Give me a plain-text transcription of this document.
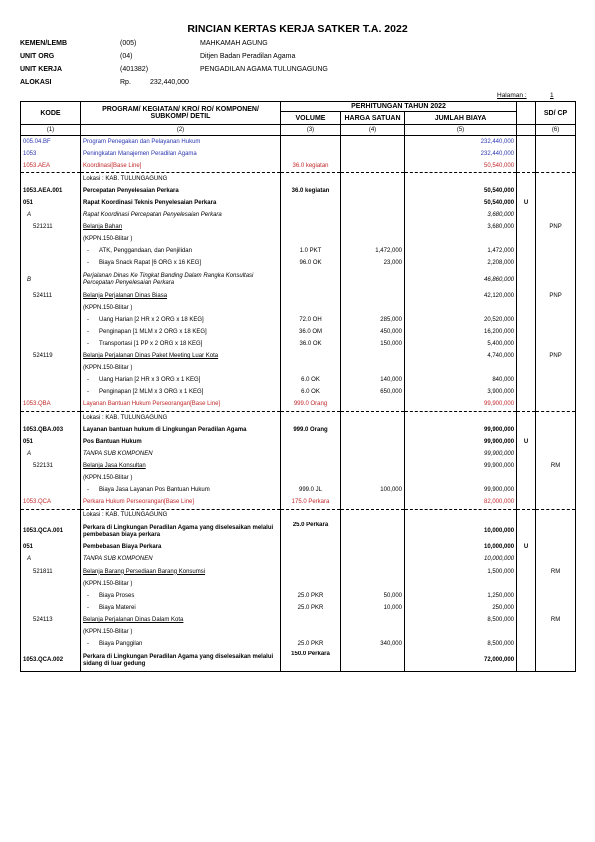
RINCIAN KERTAS KERJA SATKER T.A. 2022
KEMEN/LEMB	(005)	MAHKAMAH AGUNG
UNIT ORG	(04)	Ditjen Badan Peradilan Agama
UNIT KERJA	(401382)	PENGADILAN AGAMA TULUNGAGUNG
ALOKASI	Rp.	232,440,000
Halaman :	1
KODE	PROGRAM/ KEGIATAN/ KRO/ RO/ KOMPONEN/ SUBKOMP/ DETIL	PERHITUNGAN TAHUN 2022				SD/ CP
		VOLUME	HARGA SATUAN	JUMLAH BIAYA		
(1)	(2)	(3)	(4)	(5)		(6)
005.04.BF	Program Penegakan dan Pelayanan Hukum			232,440,000		
1053	Peningkatan Manajemen Peradilan Agama			232,440,000		
1053.AEA	Koordinasi[Base Line]	36.0 kegiatan		50,540,000		
	Lokasi : KAB. TULUNGAGUNG					
1053.AEA.001	Percepatan Penyelesaian Perkara	36.0 kegiatan		50,540,000		
051	Rapat Koordinasi Teknis Penyelesaian Perkara			50,540,000	U	
A	Rapat Koordinasi Percepatan Penyelesaian Perkara			3,680,000		
521211	Belanja Bahan			3,680,000		PNP
	(KPPN.150-Blitar )					
	- ATK, Penggandaan, dan Penjilidan	1.0 PKT	1,472,000	1,472,000		
	- Biaya Snack Rapat [6 ORG x 16 KEG]	96.0 OK	23,000	2,208,000		
B	Perjalanan Dinas Ke Tingkat Banding Dalam Rangka Konsultasi Percepatan Penyelesaian Perkara			46,860,000		
524111	Belanja Perjalanan Dinas Biasa			42,120,000		PNP
	(KPPN.150-Blitar )					
	- Uang Harian [2 HR x 2 ORG x 18 KEG]	72.0 OH	285,000	20,520,000		
	- Penginapan [1 MLM x 2 ORG x 18 KEG]	36.0 OM	450,000	16,200,000		
	- Transportasi [1 PP x 2 ORG x 18 KEG]	36.0 OK	150,000	5,400,000		
524119	Belanja Perjalanan Dinas Paket Meeting Luar Kota			4,740,000		PNP
	(KPPN.150-Blitar )					
	- Uang Harian [2 HR x 3 ORG x 1 KEG]	6.0 OK	140,000	840,000		
	- Penginapan [2 MLM x 3 ORG x 1 KEG]	6.0 OK	650,000	3,900,000		
1053.QBA	Layanan Bantuan Hukum Perseorangan[Base Line]	999.0 Orang		99,900,000		
	Lokasi : KAB. TULUNGAGUNG					
1053.QBA.003	Layanan bantuan hukum di Lingkungan Peradilan Agama	999.0 Orang		99,900,000		
051	Pos Bantuan Hukum			99,900,000	U	
A	TANPA SUB KOMPONEN			99,900,000		
522131	Belanja Jasa Konsultan			99,900,000		RM
	(KPPN.150-Blitar )					
	- Biaya Jasa Layanan Pos Bantuan Hukum	999.0 JL	100,000	99,900,000		
1053.QCA	Perkara Hukum Perseorangan[Base Line]	175.0 Perkara		82,000,000		
	Lokasi : KAB. TULUNGAGUNG					
1053.QCA.001	Perkara di Lingkungan Peradilan Agama yang diselesaikan melalui pembebasan biaya perkara	25.0 Perkara		10,000,000		
051	Pembebasan Biaya Perkara			10,000,000	U	
A	TANPA SUB KOMPONEN			10,000,000		
521811	Belanja Barang Persediaan Barang Konsumsi			1,500,000		RM
	(KPPN.150-Blitar )					
	- Biaya Proses	25.0 PKR	50,000	1,250,000		
	- Biaya Materei	25.0 PKR	10,000	250,000		
524113	Belanja Perjalanan Dinas Dalam Kota			8,500,000		RM
	(KPPN.150-Blitar )					
	- Biaya Panggilan	25.0 PKR	340,000	8,500,000		
1053.QCA.002	Perkara di Lingkungan Peradilan Agama yang diselesaikan melalui sidang di luar gedung	150.0 Perkara		72,000,000		
